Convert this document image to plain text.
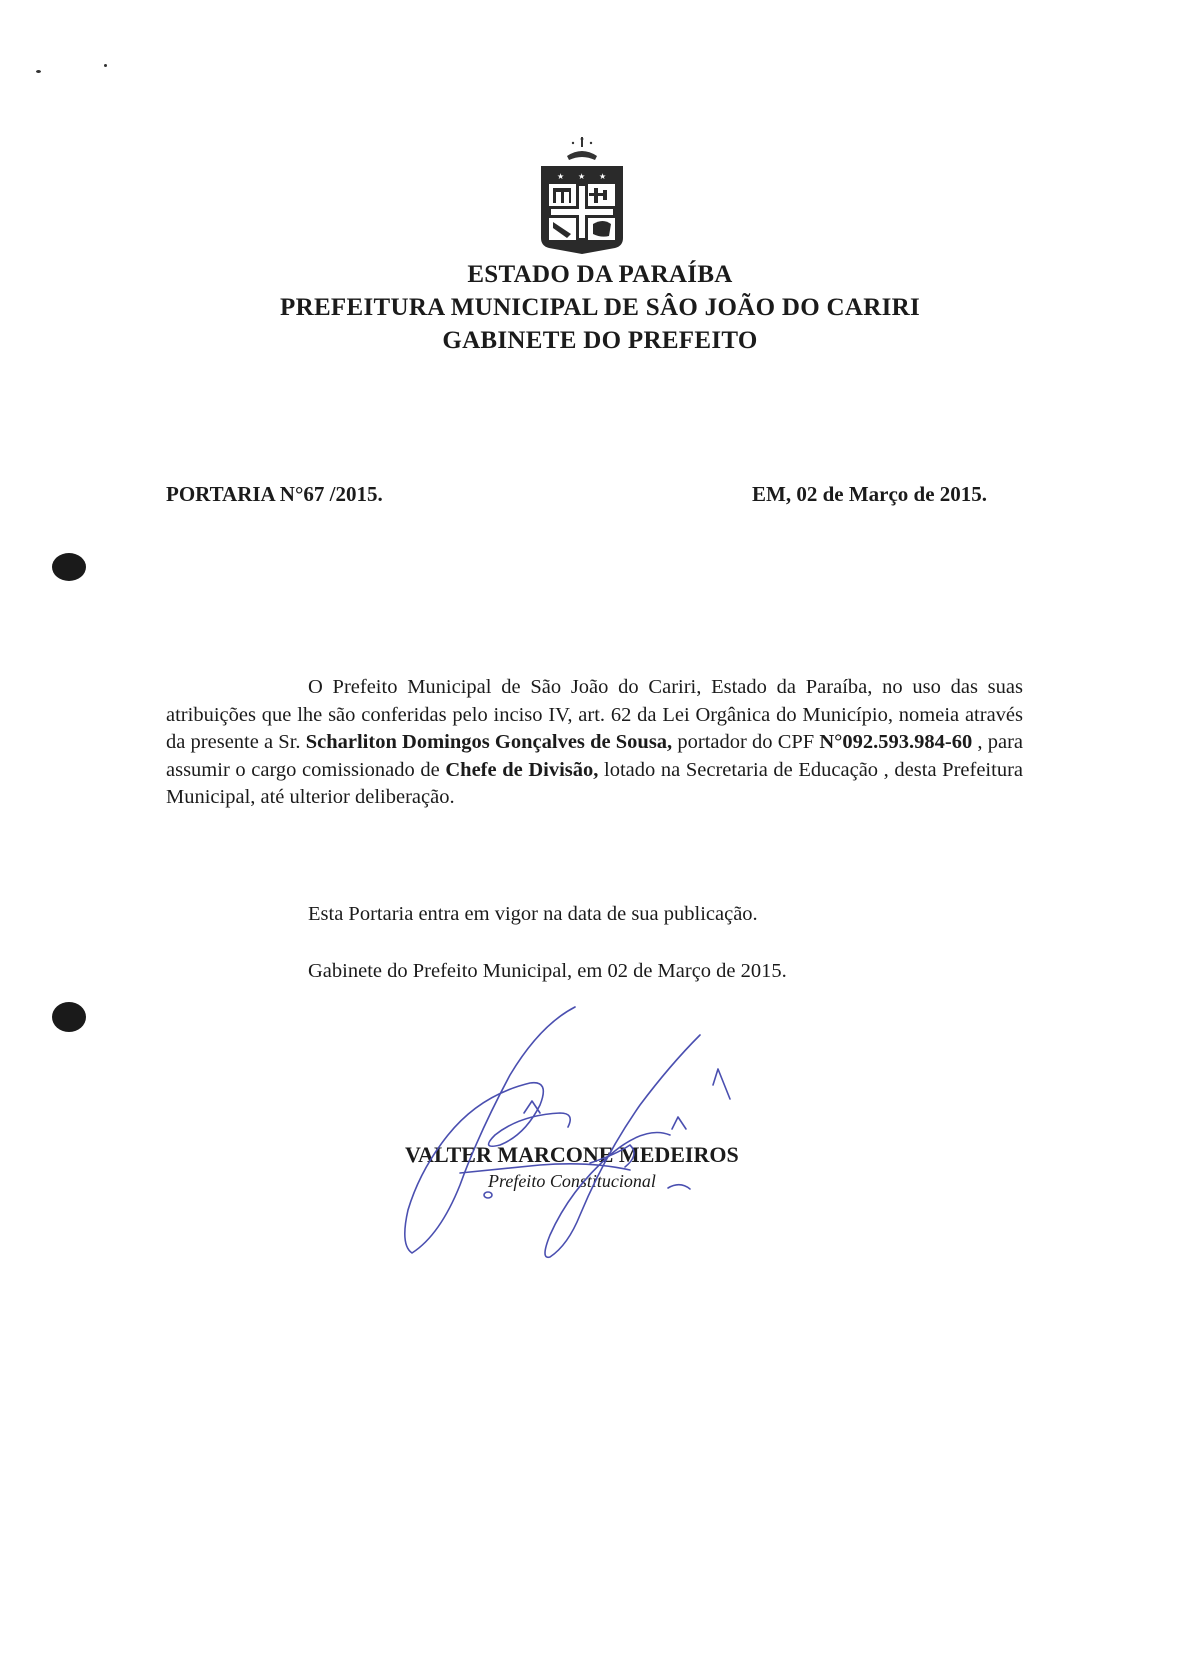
★ ★ ★
ESTADO DA PARAÍBA
PREFEITURA MUNICIPAL DE SÂO JOÃO DO CARIRI
GABINETE DO PREFEITO
PORTARIA N°67 /2015.	EM, 02 de Março de 2015.

O Prefeito Municipal de São João do Cariri, Estado da Paraíba, no uso das suas atribuições que lhe são conferidas pelo inciso IV, art. 62 da Lei Orgânica do Município, nomeia através da presente a Sr. Scharliton Domingos Gonçalves de Sousa, portador do CPF N°092.593.984-60 , para assumir o cargo comissionado de Chefe de Divisão, lotado na Secretaria de Educação , desta Prefeitura Municipal, até ulterior deliberação.

Esta Portaria entra em vigor na data de sua publicação.
Gabinete do Prefeito Municipal, em 02 de Março de 2015.
VALTER MARCONE MEDEIROS
Prefeito Constitucional
